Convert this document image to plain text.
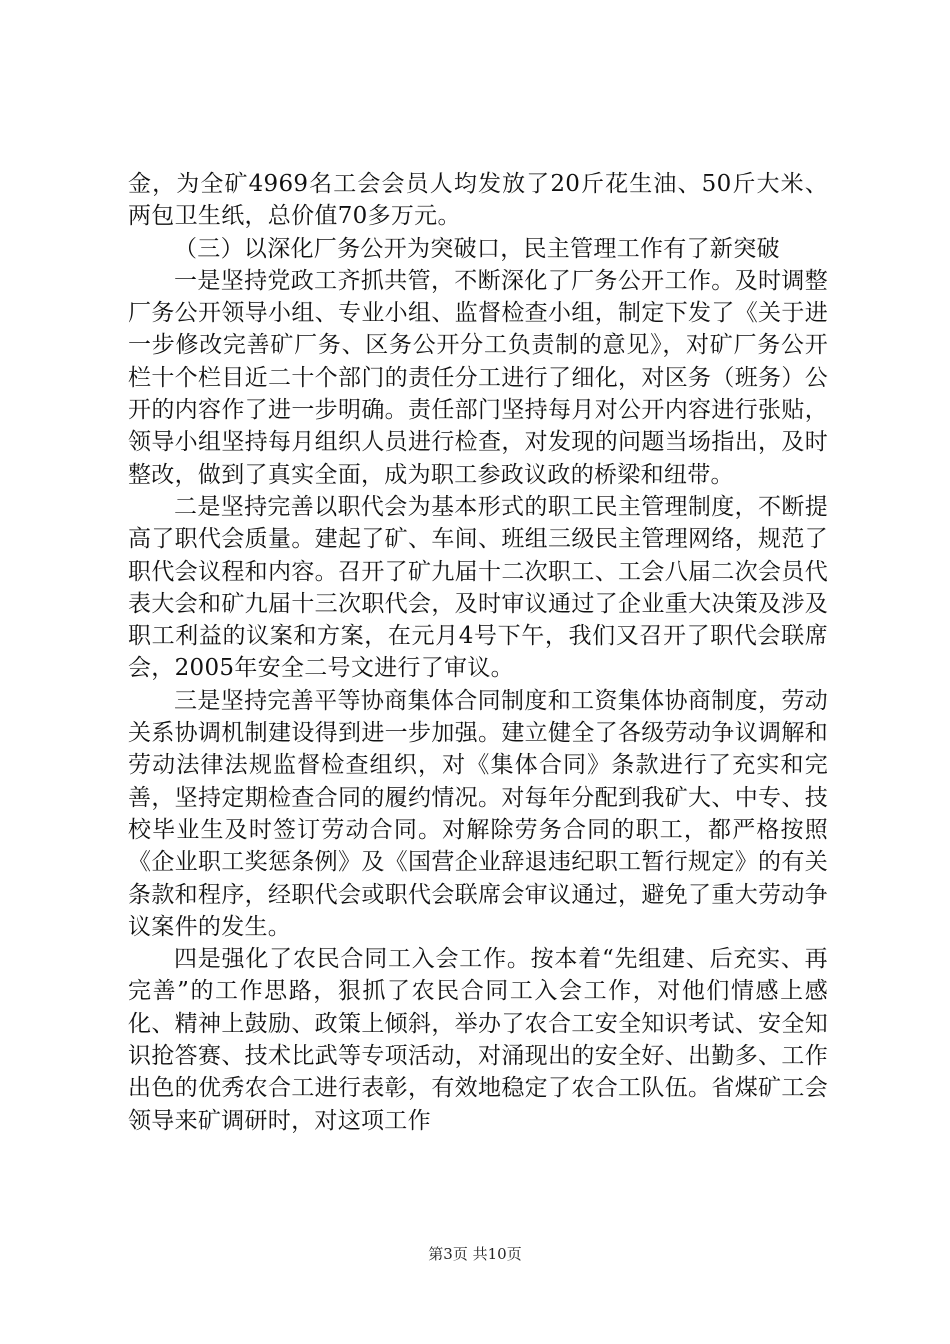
金，为全矿4969名工会会员人均发放了20斤花生油、50斤大米、两包卫生纸，总价值70多万元。

（三）以深化厂务公开为突破口，民主管理工作有了新突破

一是坚持党政工齐抓共管，不断深化了厂务公开工作。及时调整厂务公开领导小组、专业小组、监督检查小组，制定下发了《关于进一步修改完善矿厂务、区务公开分工负责制的意见》，对矿厂务公开栏十个栏目近二十个部门的责任分工进行了细化，对区务（班务）公开的内容作了进一步明确。责任部门坚持每月对公开内容进行张贴，领导小组坚持每月组织人员进行检查，对发现的问题当场指出，及时整改，做到了真实全面，成为职工参政议政的桥梁和纽带。

二是坚持完善以职代会为基本形式的职工民主管理制度，不断提高了职代会质量。建起了矿、车间、班组三级民主管理网络，规范了职代会议程和内容。召开了矿九届十二次职工、工会八届二次会员代表大会和矿九届十三次职代会，及时审议通过了企业重大决策及涉及职工利益的议案和方案，在元月4号下午，我们又召开了职代会联席会，2005年安全二号文进行了审议。

三是坚持完善平等协商集体合同制度和工资集体协商制度，劳动关系协调机制建设得到进一步加强。建立健全了各级劳动争议调解和劳动法律法规监督检查组织，对《集体合同》条款进行了充实和完善，坚持定期检查合同的履约情况。对每年分配到我矿大、中专、技校毕业生及时签订劳动合同。对解除劳务合同的职工，都严格按照《企业职工奖惩条例》及《国营企业辞退违纪职工暂行规定》的有关条款和程序，经职代会或职代会联席会审议通过，避免了重大劳动争议案件的发生。

四是强化了农民合同工入会工作。按本着“先组建、后充实、再完善”的工作思路，狠抓了农民合同工入会工作，对他们情感上感化、精神上鼓励、政策上倾斜，举办了农合工安全知识考试、安全知识抢答赛、技术比武等专项活动，对涌现出的安全好、出勤多、工作出色的优秀农合工进行表彰，有效地稳定了农合工队伍。省煤矿工会领导来矿调研时，对这项工作

第3页 共10页
